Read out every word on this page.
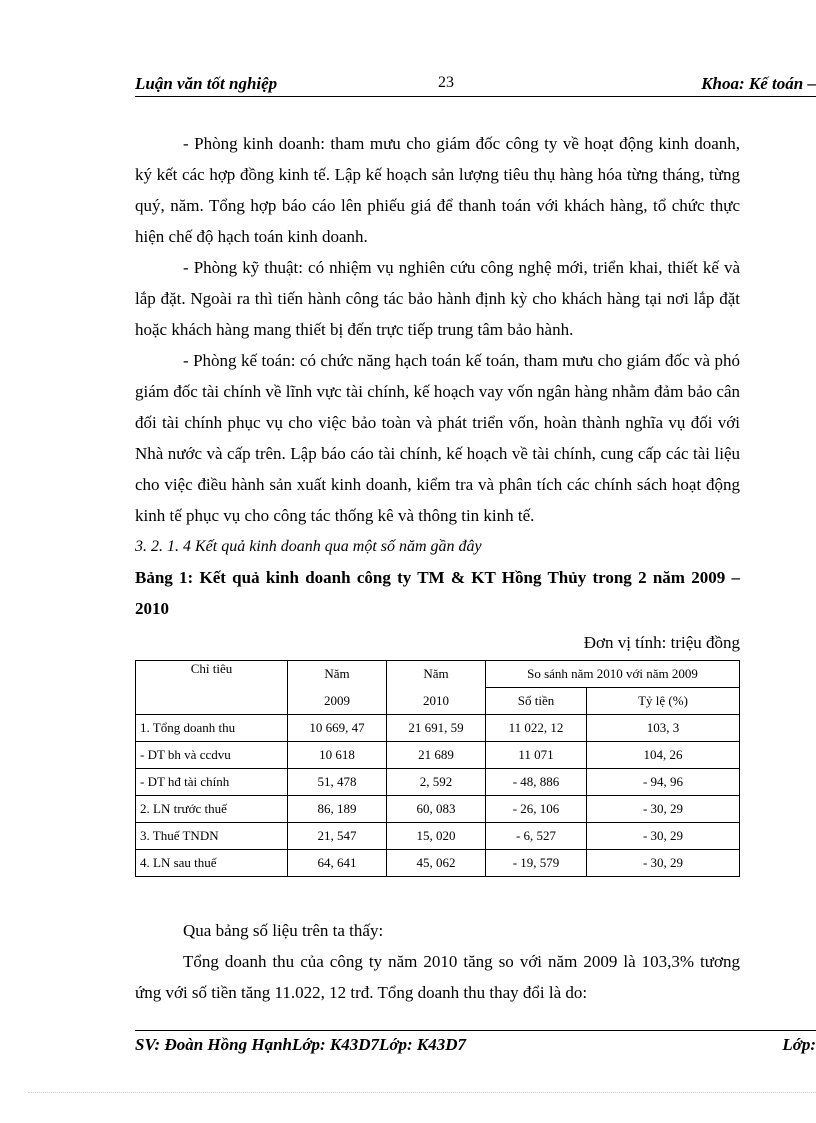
Luận văn tốt nghiệp	23	Khoa: Kế toán –

- Phòng kinh doanh: tham mưu cho giám đốc công ty về hoạt động kinh doanh, ký kết các hợp đồng kinh tế. Lập kế hoạch sản lượng tiêu thụ hàng hóa từng tháng, từng quý, năm. Tổng hợp báo cáo lên phiếu giá để thanh toán với khách hàng, tổ chức thực hiện chế độ hạch toán kinh doanh.

- Phòng kỹ thuật: có nhiệm vụ nghiên cứu công nghệ mới, triển khai, thiết kế và lắp đặt. Ngoài ra thì tiến hành công tác bảo hành định kỳ cho khách hàng tại nơi lắp đặt hoặc khách hàng mang thiết bị đến trực tiếp trung tâm bảo hành.

- Phòng kế toán: có chức năng hạch toán kế toán, tham mưu cho giám đốc và phó giám đốc tài chính về lĩnh vực tài chính, kế hoạch vay vốn ngân hàng nhằm đảm bảo cân đối tài chính phục vụ cho việc bảo toàn và phát triển vốn, hoàn thành nghĩa vụ đối với Nhà nước và cấp trên. Lập báo cáo tài chính, kế hoạch về tài chính, cung cấp các tài liệu cho việc điều hành sản xuất kinh doanh, kiểm tra và phân tích các chính sách hoạt động kinh tế phục vụ cho công tác thống kê và thông tin kinh tế.

3. 2. 1. 4 Kết quả kinh doanh qua một số năm gần đây

Bảng 1: Kết quả kinh doanh công ty TM & KT Hồng Thủy trong 2 năm 2009 – 2010

Đơn vị tính: triệu đồng

Chỉ tiêu	Năm	Năm	So sánh năm 2010 với năm 2009	
	2009	2010	Số tiền	Tỷ lệ (%)
1. Tổng doanh thu	10 669, 47	21 691, 59	11 022, 12	103, 3
- DT bh và ccdvu	10 618	21 689	11 071	104, 26
- DT hđ tài chính	51, 478	2, 592	- 48, 886	- 94, 96
2. LN trước thuế	86, 189	60, 083	- 26, 106	- 30, 29
3. Thuế TNDN	21, 547	15, 020	- 6, 527	- 30, 29
4. LN sau thuế	64, 641	45, 062	- 19, 579	- 30, 29

Qua bảng số liệu trên ta thấy:

Tổng doanh thu của công ty năm 2010 tăng so với năm 2009 là 103,3% tương ứng với số tiền tăng 11.022, 12 trđ. Tổng doanh thu thay đổi là do:

SV: Đoàn Hồng HạnhLớp: K43D7Lớp: K43D7	Lớp:
